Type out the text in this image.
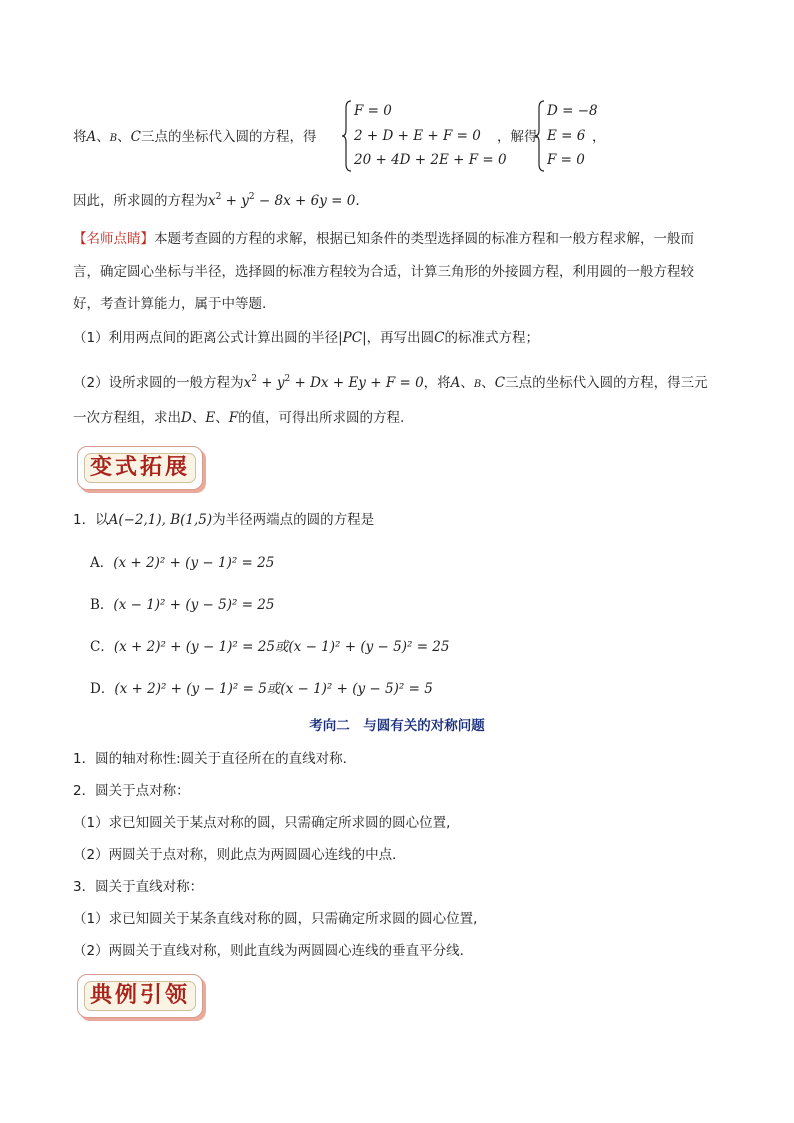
将A、B、C三点的坐标代入圆的方程，得
F = 0
2 + D + E + F = 0
20 + 4D + 2E + F = 0
，解得
D = −8
E = 6
F = 0
，
因此，所求圆的方程为$x^2 + y^2 - 8x + 6y = 0$.
【名师点睛】本题考查圆的方程的求解，根据已知条件的类型选择圆的标准方程和一般方程求解，一般而
言，确定圆心坐标与半径，选择圆的标准方程较为合适，计算三角形的外接圆方程，利用圆的一般方程较
好，考查计算能力，属于中等题.
（1）利用两点间的距离公式计算出圆的半径|PC|，再写出圆C的标准式方程；
（2）设所求圆的一般方程为$x^2 + y^2 + Dx + Ey + F = 0$，将A、B、C三点的坐标代入圆的方程，得三元
一次方程组，求出D、E、F的值，可得出所求圆的方程.
变式拓展
1．以A(−2,1), B(1,5)为半径两端点的圆的方程是
A．(x + 2)² + (y − 1)² = 25
B．(x − 1)² + (y − 5)² = 25
C．(x + 2)² + (y − 1)² = 25或(x − 1)² + (y − 5)² = 25
D．(x + 2)² + (y − 1)² = 5或(x − 1)² + (y − 5)² = 5
考向二　与圆有关的对称问题
1．圆的轴对称性:圆关于直径所在的直线对称．
2．圆关于点对称：
（1）求已知圆关于某点对称的圆，只需确定所求圆的圆心位置,
（2）两圆关于点对称，则此点为两圆圆心连线的中点．
3．圆关于直线对称：
（1）求已知圆关于某条直线对称的圆，只需确定所求圆的圆心位置,
（2）两圆关于直线对称，则此直线为两圆圆心连线的垂直平分线．
典例引领
